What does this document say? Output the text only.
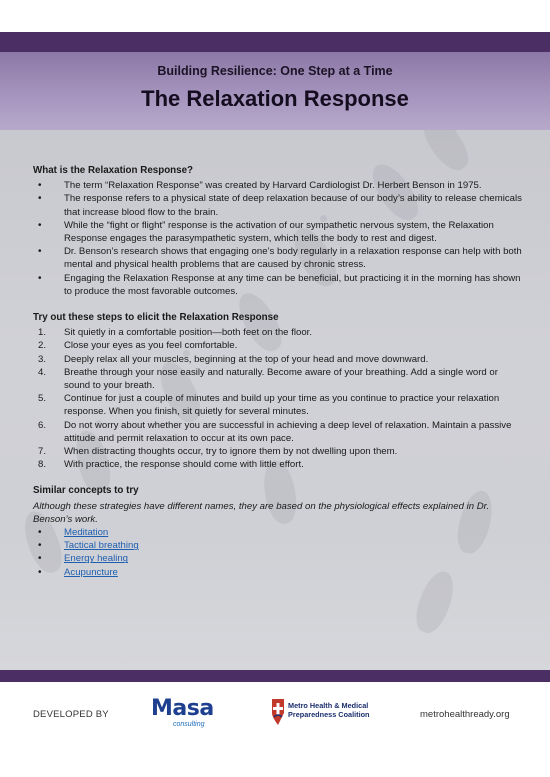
Building Resilience: One Step at a Time
The Relaxation Response
What is the Relaxation Response?
• The term “Relaxation Response” was created by Harvard Cardiologist Dr. Herbert Benson in 1975.
• The response refers to a physical state of deep relaxation because of our body’s ability to release chemicals that increase blood flow to the brain.
• While the “fight or flight” response is the activation of our sympathetic nervous system, the Relaxation Response engages the parasympathetic system, which tells the body to rest and digest.
• Dr. Benson’s research shows that engaging one’s body regularly in a relaxation response can help with both mental and physical health problems that are caused by chronic stress.
• Engaging the Relaxation Response at any time can be beneficial, but practicing it in the morning has shown to produce the most favorable outcomes.
Try out these steps to elicit the Relaxation Response
1. Sit quietly in a comfortable position—both feet on the floor.
2. Close your eyes as you feel comfortable.
3. Deeply relax all your muscles, beginning at the top of your head and move downward.
4. Breathe through your nose easily and naturally. Become aware of your breathing. Add a single word or sound to your breath.
5. Continue for just a couple of minutes and build up your time as you continue to practice your relaxation response. When you finish, sit quietly for several minutes.
6. Do not worry about whether you are successful in achieving a deep level of relaxation. Maintain a passive attitude and permit relaxation to occur at its own pace.
7. When distracting thoughts occur, try to ignore them by not dwelling upon them.
8. With practice, the response should come with little effort.
Similar concepts to try
Although these strategies have different names, they are based on the physiological effects explained in Dr. Benson’s work.
• Meditation
• Tactical breathing
• Energy healing
• Acupuncture
DEVELOPED BY Masa
consulting
Metro Health & Medical
Preparedness Coalition	metrohealthready.org
